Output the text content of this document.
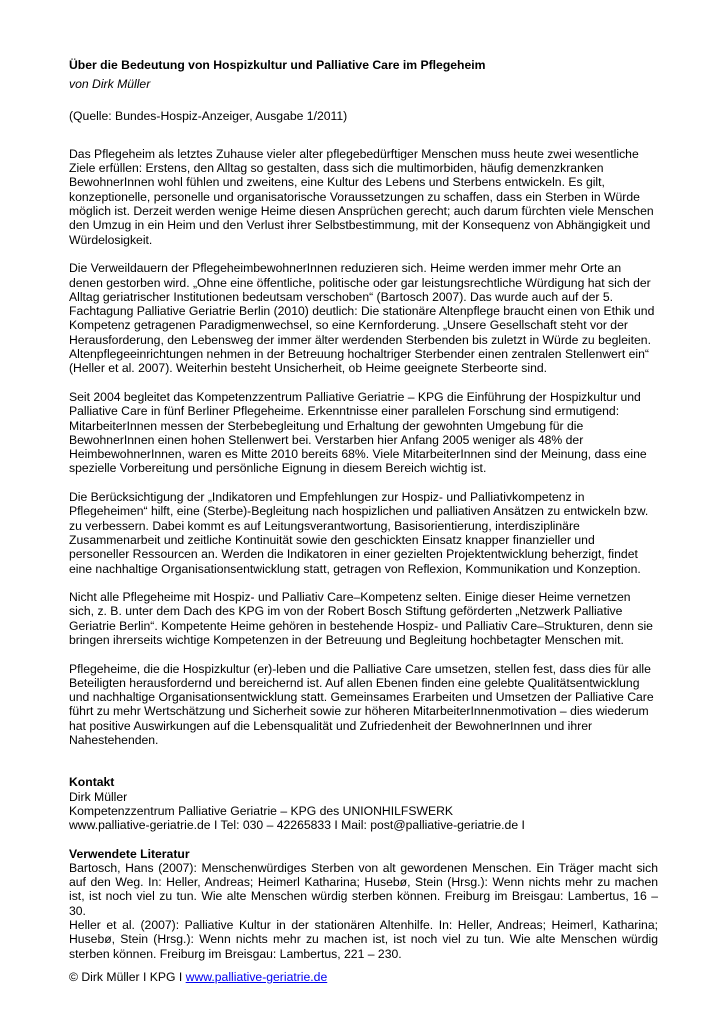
Über die Bedeutung von Hospizkultur und Palliative Care im Pflegeheim

von Dirk Müller

(Quelle: Bundes-Hospiz-Anzeiger, Ausgabe 1/2011)

Das Pflegeheim als letztes Zuhause vieler alter pflegebedürftiger Menschen muss heute zwei wesentliche Ziele erfüllen: Erstens, den Alltag so gestalten, dass sich die multimorbiden, häufig demenzkranken BewohnerInnen wohl fühlen und zweitens, eine Kultur des Lebens und Sterbens entwickeln. Es gilt, konzeptionelle, personelle und organisatorische Voraussetzungen zu schaffen, dass ein Sterben in Würde möglich ist. Derzeit werden wenige Heime diesen Ansprüchen gerecht; auch darum fürchten viele Menschen den Umzug in ein Heim und den Verlust ihrer Selbstbestimmung, mit der Konsequenz von Abhängigkeit und Würdelosigkeit.

Die Verweildauern der PflegeheimbewohnerInnen reduzieren sich. Heime werden immer mehr Orte an denen gestorben wird. „Ohne eine öffentliche, politische oder gar leistungsrechtliche Würdigung hat sich der Alltag geriatrischer Institutionen bedeutsam verschoben“ (Bartosch 2007). Das wurde auch auf der 5. Fachtagung Palliative Geriatrie Berlin (2010) deutlich: Die stationäre Altenpflege braucht einen von Ethik und Kompetenz getragenen Paradigmenwechsel, so eine Kernforderung. „Unsere Gesellschaft steht vor der Herausforderung, den Lebensweg der immer älter werdenden Sterbenden bis zuletzt in Würde zu begleiten. Altenpflegeeinrichtungen nehmen in der Betreuung hochaltriger Sterbender einen zentralen Stellenwert ein“ (Heller et al. 2007). Weiterhin besteht Unsicherheit, ob Heime geeignete Sterbeorte sind.

Seit 2004 begleitet das Kompetenzzentrum Palliative Geriatrie – KPG die Einführung der Hospizkultur und Palliative Care in fünf Berliner Pflegeheime. Erkenntnisse einer parallelen Forschung sind ermutigend: MitarbeiterInnen messen der Sterbebegleitung und Erhaltung der gewohnten Umgebung für die BewohnerInnen einen hohen Stellenwert bei. Verstarben hier Anfang 2005 weniger als 48% der HeimbewohnerInnen, waren es Mitte 2010 bereits 68%. Viele MitarbeiterInnen sind der Meinung, dass eine spezielle Vorbereitung und persönliche Eignung in diesem Bereich wichtig ist.

Die Berücksichtigung der „Indikatoren und Empfehlungen zur Hospiz- und Palliativkompetenz in Pflegeheimen“ hilft, eine (Sterbe)-Begleitung nach hospizlichen und palliativen Ansätzen zu entwickeln bzw. zu verbessern. Dabei kommt es auf Leitungsverantwortung, Basisorientierung, interdisziplinäre Zusammenarbeit und zeitliche Kontinuität sowie den geschickten Einsatz knapper finanzieller und personeller Ressourcen an. Werden die Indikatoren in einer gezielten Projektentwicklung beherzigt, findet eine nachhaltige Organisationsentwicklung statt, getragen von Reflexion, Kommunikation und Konzeption.

Nicht alle Pflegeheime mit Hospiz- und Palliativ Care–Kompetenz selten. Einige dieser Heime vernetzen sich, z. B. unter dem Dach des KPG im von der Robert Bosch Stiftung geförderten „Netzwerk Palliative Geriatrie Berlin“. Kompetente Heime gehören in bestehende Hospiz- und Palliativ Care–Strukturen, denn sie bringen ihrerseits wichtige Kompetenzen in der Betreuung und Begleitung hochbetagter Menschen mit.

Pflegeheime, die die Hospizkultur (er)-leben und die Palliative Care umsetzen, stellen fest, dass dies für alle Beteiligten herausfordernd und bereichernd ist. Auf allen Ebenen finden eine gelebte Qualitätsentwicklung und nachhaltige Organisationsentwicklung statt. Gemeinsames Erarbeiten und Umsetzen der Palliative Care führt zu mehr Wertschätzung und Sicherheit sowie zur höheren MitarbeiterInnenmotivation – dies wiederum hat positive Auswirkungen auf die Lebensqualität und Zufriedenheit der BewohnerInnen und ihrer Nahestehenden.

Kontakt

Dirk Müller

Kompetenzzentrum Palliative Geriatrie – KPG des UNIONHILFSWERK

www.palliative-geriatrie.de I Tel: 030 – 42265833 I Mail: post@palliative-geriatrie.de I

Verwendete Literatur

Bartosch, Hans (2007): Menschenwürdiges Sterben von alt gewordenen Menschen. Ein Träger macht sich auf den Weg. In: Heller, Andreas; Heimerl Katharina; Husebø, Stein (Hrsg.): Wenn nichts mehr zu machen ist, ist noch viel zu tun. Wie alte Menschen würdig sterben können. Freiburg im Breisgau: Lambertus, 16 – 30.

Heller et al. (2007): Palliative Kultur in der stationären Altenhilfe. In: Heller, Andreas; Heimerl, Katharina; Husebø, Stein (Hrsg.): Wenn nichts mehr zu machen ist, ist noch viel zu tun. Wie alte Menschen würdig sterben können. Freiburg im Breisgau: Lambertus, 221 – 230.

© Dirk Müller I KPG I www.palliative-geriatrie.de
